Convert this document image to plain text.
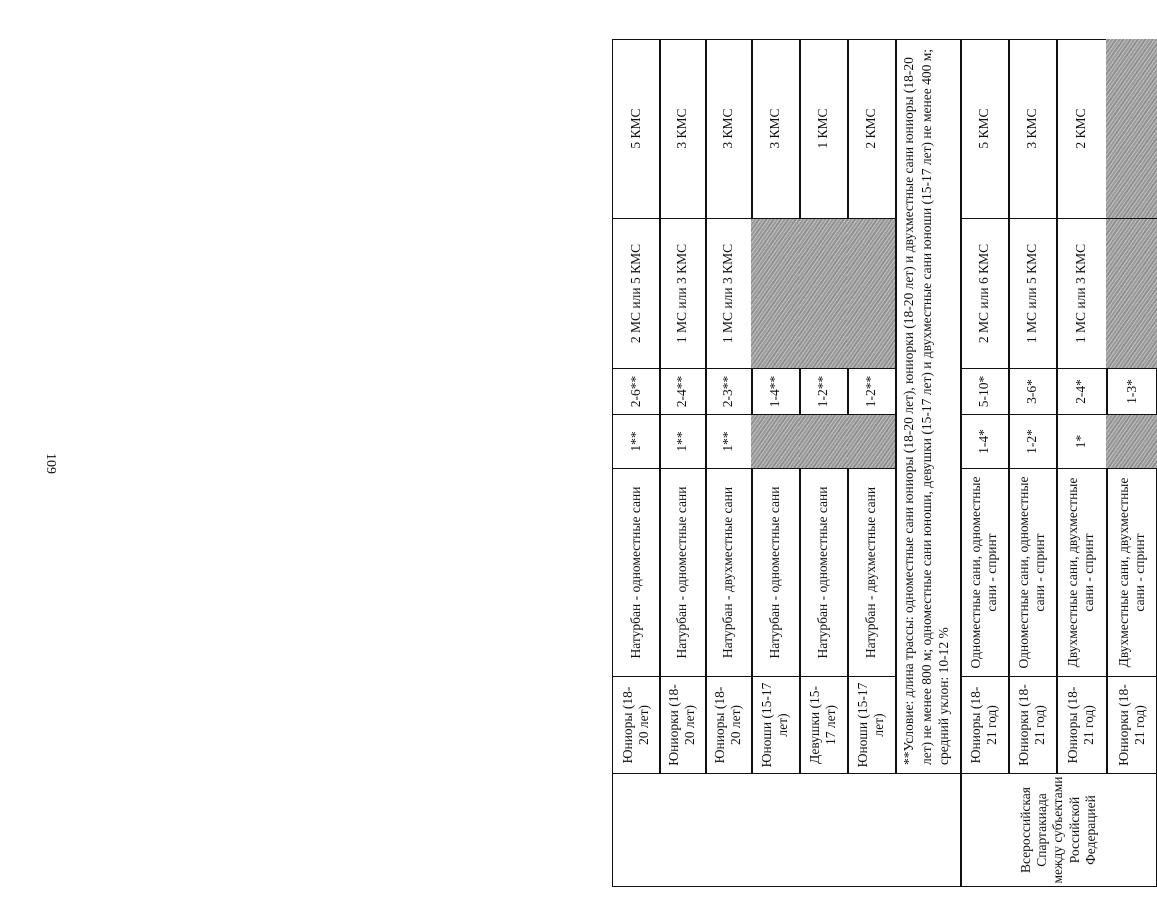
109
Всероссийская Спартакиада между субъектами Российской Федерацией
Юниоры (18-20 лет)
Натурбан - одноместные сани
1**
2-6**
2 МС или 5 КМС
5 КМС
Юниорки (18-20 лет)
Натурбан - одноместные сани
1**
2-4**
1 МС или 3 КМС
3 КМС
Юниоры (18-20 лет)
Натурбан - двухместные сани
1**
2-3**
1 МС или 3 КМС
3 КМС
Юноши (15-17 лет)
Натурбан - одноместные сани
1-4**
3 КМС
Девушки (15-17 лет)
Натурбан - одноместные сани
1-2**
1 КМС
Юноши (15-17 лет)
Натурбан - двухместные сани
1-2**
2 КМС	**Условие: длина трассы: одноместные сани юниоры (18-20 лет), юниорки (18-20 лет) и двухместные сани юниоры (18-20 лет) не менее 800 м; одноместные сани юноши, девушки (15-17 лет) и двухместные сани юноши (15-17 лет) не менее 400 м; средний уклон: 10-12 %	Юниоры (18-21 год)
Одноместные сани, одноместные сани - спринт
1-4*
5-10*
2 МС или 6 КМС
5 КМС
Юниорки (18-21 год)
Одноместные сани, одноместные сани - спринт
1-2*
3-6*
1 МС или 5 КМС
3 КМС
Юниоры (18-21 год)
Двухместные сани, двухместные сани - спринт
1*
2-4*
1 МС или 3 КМС
2 КМС
Юниорки (18-21 год)
Двухместные сани, двухместные сани - спринт
1-3*
